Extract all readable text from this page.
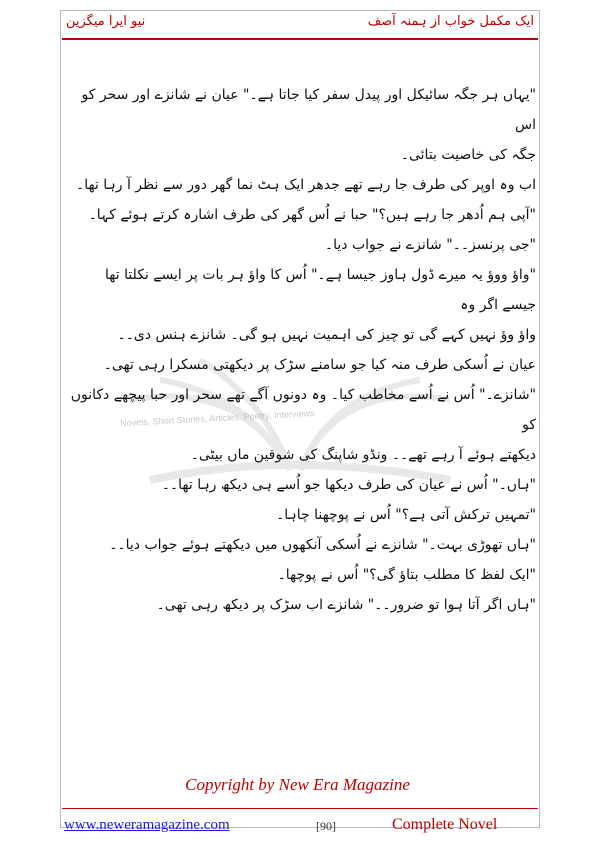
ایک مکمل خواب از ہمنہ آصف
نیو ایرا میگزین
Novels, Short Stories, Articles, Poetry, Interviews

"یہاں ہر جگہ سائیکل اور پیدل سفر کیا جاتا ہے۔" عیان نے شانزے اور سحر کو اس
جگہ کی خاصیت بتائی۔

اب وہ اوپر کی طرف جا رہے تھے جدھر ایک ہٹ نما گھر دور سے نظر آ رہا تھا۔

"آپی ہم اُدھر جا رہے ہیں؟" حبا نے اُس گھر کی طرف اشارہ کرتے ہوئے کہا۔

"جی پرنسز۔۔" شانزے نے جواب دیا۔

"واؤ ووؤ یہ میرے ڈول ہاوز جیسا ہے۔" اُس کا واؤ ہر بات پر ایسے نکلتا تھا جیسے اگر وہ
واؤ وؤ نہیں کہے گی تو چیز کی اہمیت نہیں ہو گی۔ شانزے ہنس دی۔۔

عیان نے اُسکی طرف منہ کیا جو سامنے سڑک پر دیکھتی مسکرا رہی تھی۔

"شانزے۔" اُس نے اُسے مخاطب کیا۔ وہ دونوں آگے تھے سحر اور حبا پیچھے دکانوں کو
دیکھتے ہوئے آ رہے تھے۔۔ ونڈو شاپنگ کی شوقین ماں بیٹی۔

"ہاں۔" اُس نے عیان کی طرف دیکھا جو اُسے ہی دیکھ رہا تھا۔۔

"تمہیں ترکش آتی ہے؟" اُس نے پوچھنا چاہا۔

"ہاں تھوڑی بہت۔" شانزے نے اُسکی آنکھوں میں دیکھتے ہوئے جواب دیا۔۔

"ایک لفظ کا مطلب بتاؤ گی؟" اُس نے پوچھا۔

"ہاں اگر آتا ہوا تو ضرور۔۔" شانزے اب سڑک پر دیکھ رہی تھی۔

Copyright by New Era Magazine
www.neweramagazine.com	[90]	Complete Novel
